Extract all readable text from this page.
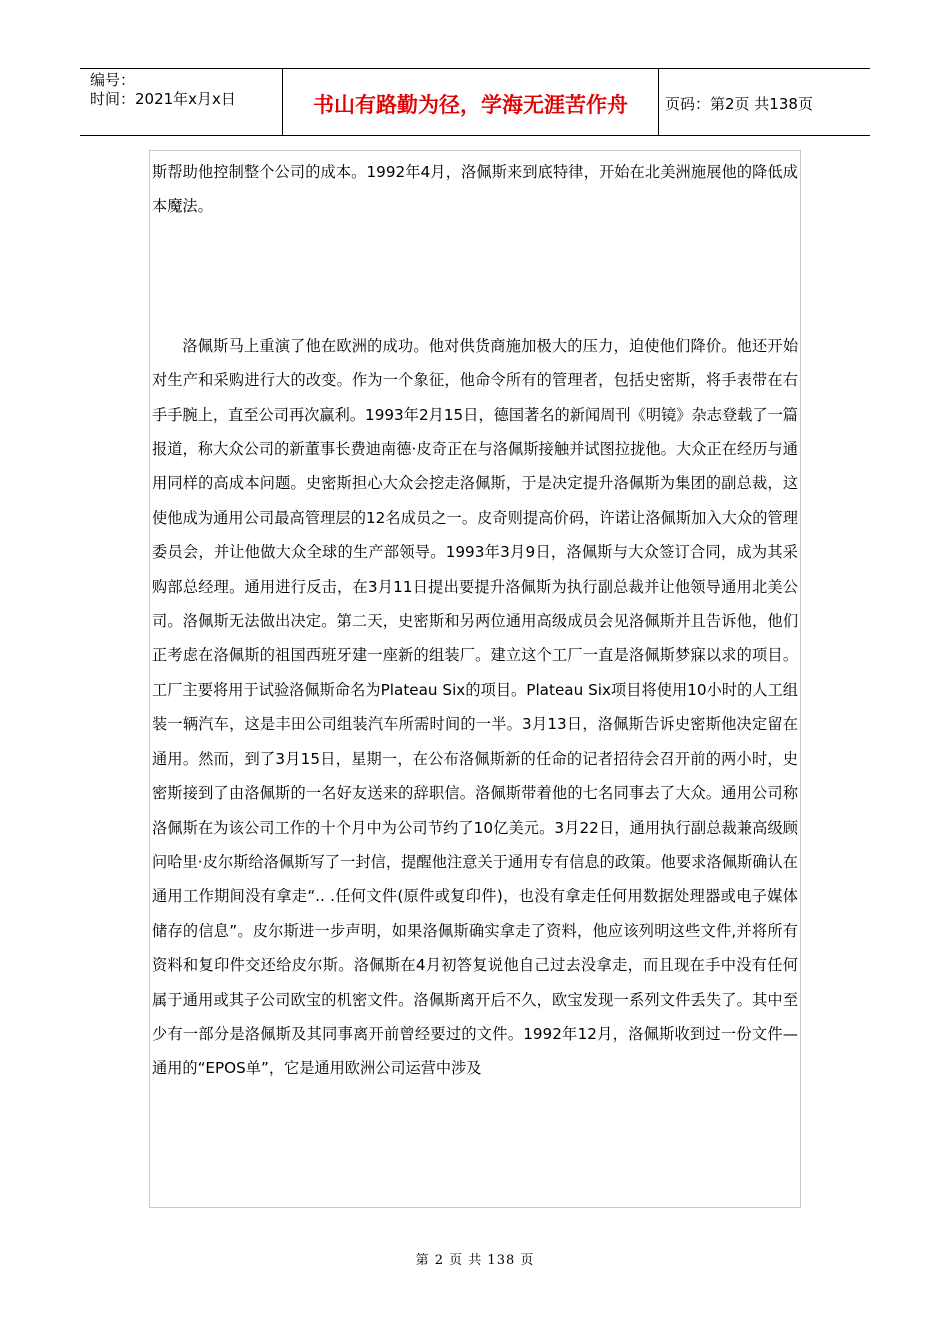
编号：
时间：2021年x月x日	书山有路勤为径，学海无涯苦作舟	页码：第2页 共138页

斯帮助他控制整个公司的成本。1992年4月，洛佩斯来到底特律，开始在北美洲施展他的降低成本魔法。

洛佩斯马上重演了他在欧洲的成功。他对供货商施加极大的压力，迫使他们降价。他还开始对生产和采购进行大的改变。作为一个象征，他命令所有的管理者，包括史密斯，将手表带在右手手腕上，直至公司再次赢利。1993年2月15日，德国著名的新闻周刊《明镜》杂志登载了一篇报道，称大众公司的新董事长费迪南德·皮奇正在与洛佩斯接触并试图拉拢他。大众正在经历与通用同样的高成本问题。史密斯担心大众会挖走洛佩斯，于是决定提升洛佩斯为集团的副总裁，这使他成为通用公司最高管理层的12名成员之一。皮奇则提高价码，许诺让洛佩斯加入大众的管理委员会，并让他做大众全球的生产部领导。1993年3月9日，洛佩斯与大众签订合同，成为其采购部总经理。通用进行反击，在3月11日提出要提升洛佩斯为执行副总裁并让他领导通用北美公司。洛佩斯无法做出决定。第二天，史密斯和另两位通用高级成员会见洛佩斯并且告诉他，他们正考虑在洛佩斯的祖国西班牙建一座新的组装厂。建立这个工厂一直是洛佩斯梦寐以求的项目。工厂主要将用于试验洛佩斯命名为Plateau Six的项目。Plateau Six项目将使用10小时的人工组装一辆汽车，这是丰田公司组装汽车所需时间的一半。3月13日，洛佩斯告诉史密斯他决定留在通用。然而，到了3月15日，星期一，在公布洛佩斯新的任命的记者招待会召开前的两小时，史密斯接到了由洛佩斯的一名好友送来的辞职信。洛佩斯带着他的七名同事去了大众。通用公司称洛佩斯在为该公司工作的十个月中为公司节约了10亿美元。3月22日，通用执行副总裁兼高级顾问哈里·皮尔斯给洛佩斯写了一封信，提醒他注意关于通用专有信息的政策。他要求洛佩斯确认在通用工作期间没有拿走“.. .任何文件(原件或复印件)，也没有拿走任何用数据处理器或电子媒体储存的信息”。皮尔斯进一步声明，如果洛佩斯确实拿走了资料，他应该列明这些文件,并将所有资料和复印件交还给皮尔斯。洛佩斯在4月初答复说他自己过去没拿走，而且现在手中没有任何属于通用或其子公司欧宝的机密文件。洛佩斯离开后不久，欧宝发现一系列文件丢失了。其中至少有一部分是洛佩斯及其同事离开前曾经要过的文件。1992年12月，洛佩斯收到过一份文件—通用的“EPOS单”，它是通用欧洲公司运营中涉及

第 2 页 共 138 页
